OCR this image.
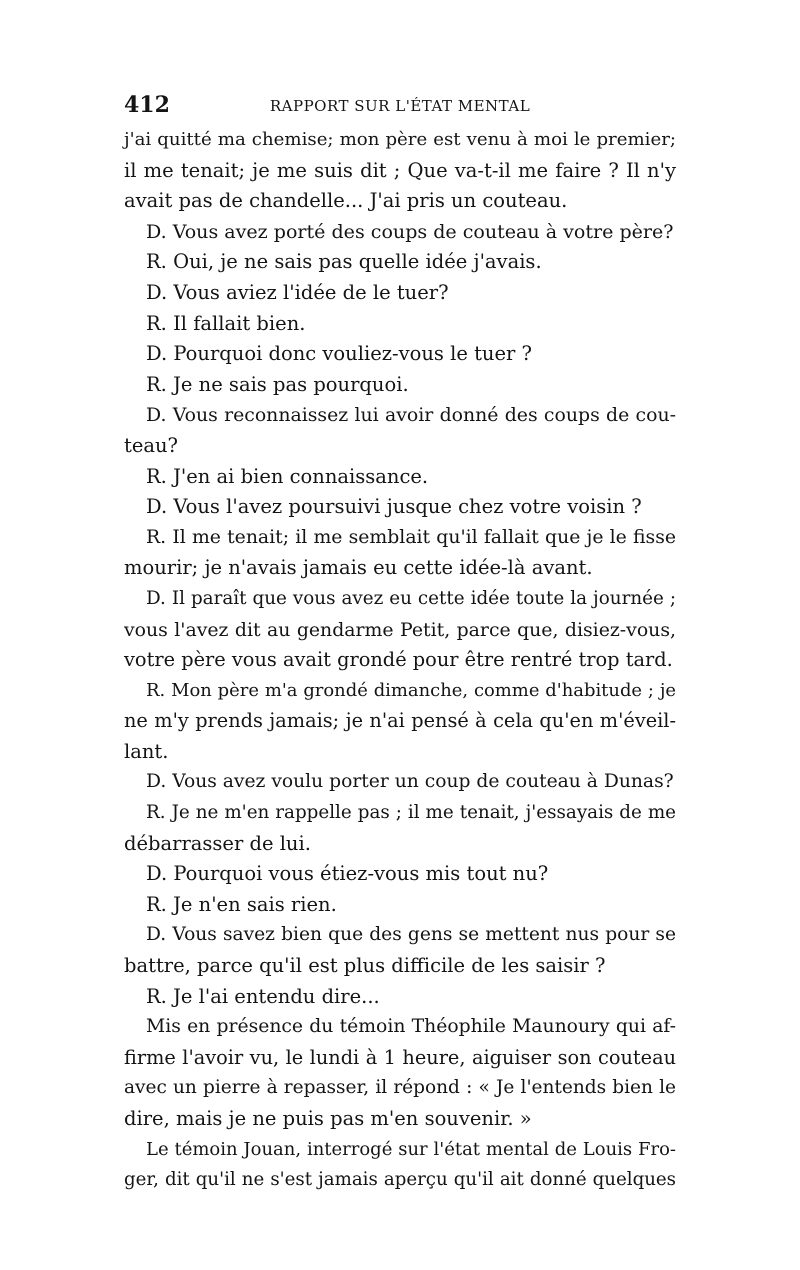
412	RAPPORT SUR L'ÉTAT MENTAL
j'ai quitté ma chemise; mon père est venu à moi le premier;
il me tenait; je me suis dit ; Que va-t-il me faire ? Il n'y
avait pas de chandelle... J'ai pris un couteau.
D. Vous avez porté des coups de couteau à votre père?
R. Oui, je ne sais pas quelle idée j'avais.
D. Vous aviez l'idée de le tuer?
R. Il fallait bien.
D. Pourquoi donc vouliez-vous le tuer ?
R. Je ne sais pas pourquoi.
D. Vous reconnaissez lui avoir donné des coups de cou-
teau?
R. J'en ai bien connaissance.
D. Vous l'avez poursuivi jusque chez votre voisin ?
R. Il me tenait; il me semblait qu'il fallait que je le fisse
mourir; je n'avais jamais eu cette idée-là avant.
D. Il paraît que vous avez eu cette idée toute la journée ;
vous l'avez dit au gendarme Petit, parce que, disiez-vous,
votre père vous avait grondé pour être rentré trop tard.
R. Mon père m'a grondé dimanche, comme d'habitude ; je
ne m'y prends jamais; je n'ai pensé à cela qu'en m'éveil-
lant.
D. Vous avez voulu porter un coup de couteau à Dunas?
R. Je ne m'en rappelle pas ; il me tenait, j'essayais de me
débarrasser de lui.
D. Pourquoi vous étiez-vous mis tout nu?
R. Je n'en sais rien.
D. Vous savez bien que des gens se mettent nus pour se
battre, parce qu'il est plus difficile de les saisir ?
R. Je l'ai entendu dire...
Mis en présence du témoin Théophile Maunoury qui af-
firme l'avoir vu, le lundi à 1 heure, aiguiser son couteau
avec un pierre à repasser, il répond : « Je l'entends bien le
dire, mais je ne puis pas m'en souvenir. »
Le témoin Jouan, interrogé sur l'état mental de Louis Fro-
ger, dit qu'il ne s'est jamais aperçu qu'il ait donné quelques
